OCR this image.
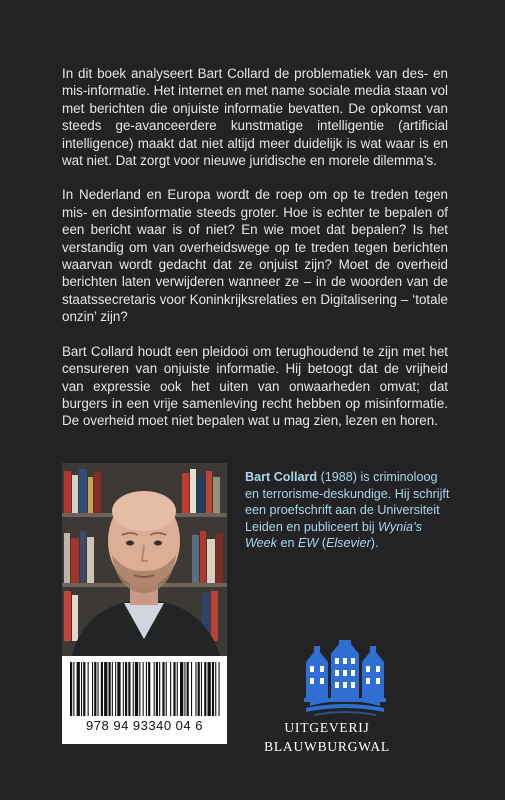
In dit boek analyseert Bart Collard de problematiek van des- en mis-informatie. Het internet en met name sociale media staan vol met berichten die onjuiste informatie bevatten. De opkomst van steeds ge-avanceerdere kunstmatige intelligentie (artificial intelligence) maakt dat niet altijd meer duidelijk is wat waar is en wat niet. Dat zorgt voor nieuwe juridische en morele dilemma’s.

In Nederland en Europa wordt de roep om op te treden tegen mis- en desinformatie steeds groter. Hoe is echter te bepalen of een bericht waar is of niet? En wie moet dat bepalen? Is het verstandig om van overheidswege op te treden tegen berichten waarvan wordt gedacht dat ze onjuist zijn? Moet de overheid berichten laten verwijderen wanneer ze – in de woorden van de staatssecretaris voor Koninkrijksrelaties en Digitalisering – ‘totale onzin’ zijn?

Bart Collard houdt een pleidooi om terughoudend te zijn met het censureren van onjuiste informatie. Hij betoogt dat de vrijheid van expressie ook het uiten van onwaarheden omvat; dat burgers in een vrije samenleving recht hebben op misinformatie. De overheid moet niet bepalen wat u mag zien, lezen en horen.

Bart Collard (1988) is criminoloog en terrorisme-deskundige. Hij schrijft een proefschrift aan de Universiteit Leiden en publiceert bij Wynia’s Week en EW (Elsevier).
978 94 93340 04 6	UITGEVERIJ
BLAUWBURGWAL
